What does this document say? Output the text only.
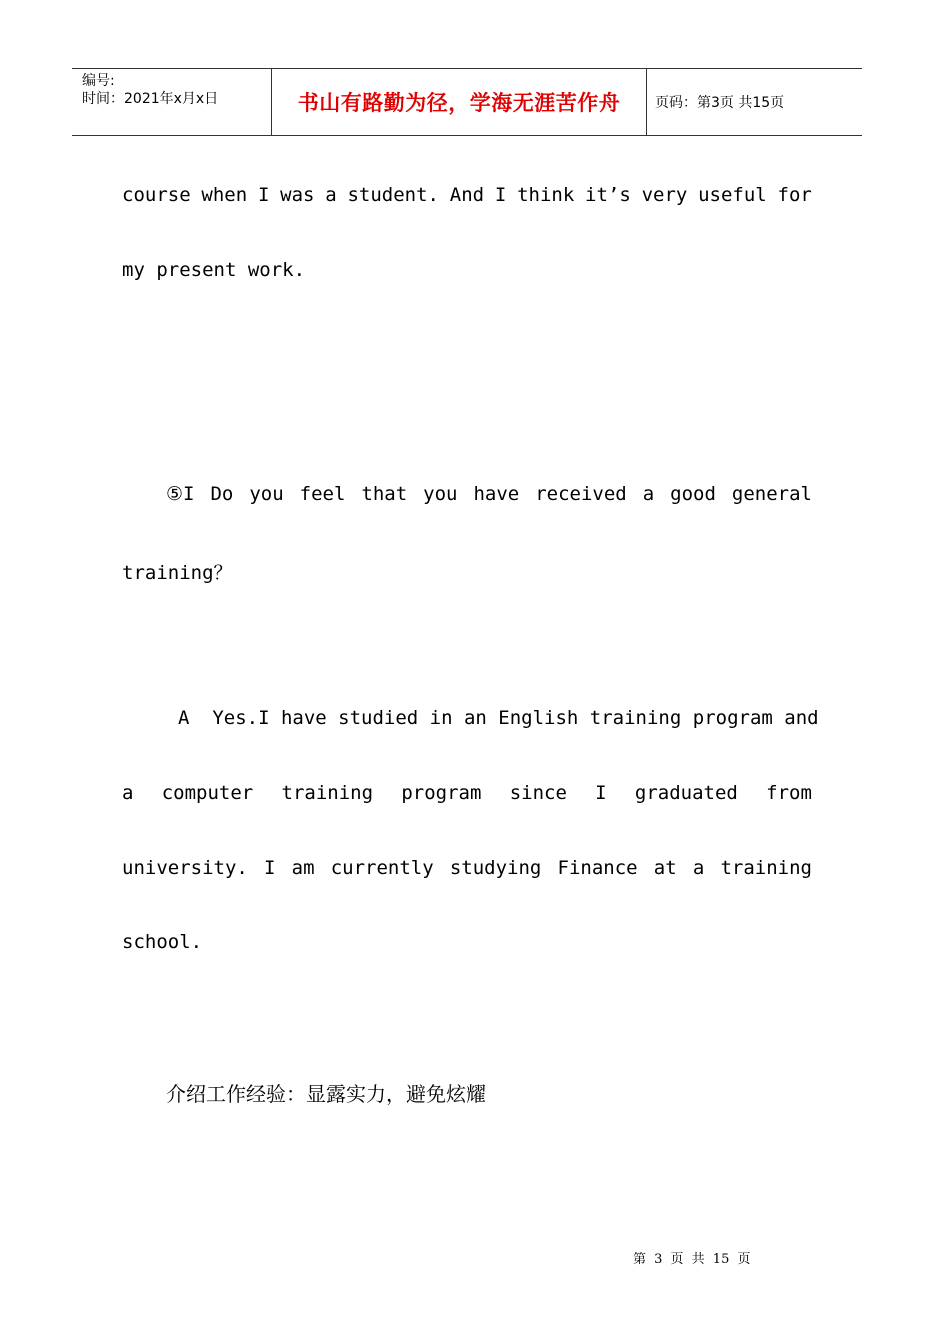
编号:
时间：2021年x月x日	书山有路勤为径，学海无涯苦作舟	页码：第3页 共15页
course when I was a student. And I think it’s very useful for
my present work.
⑤I Do you feel that you have received a good general
training？
A  Yes.I have studied in an English training program and
a computer training program since I graduated from
university. I am currently studying Finance at a training
school.
介绍工作经验：显露实力，避免炫耀
第 3 页 共 15 页
